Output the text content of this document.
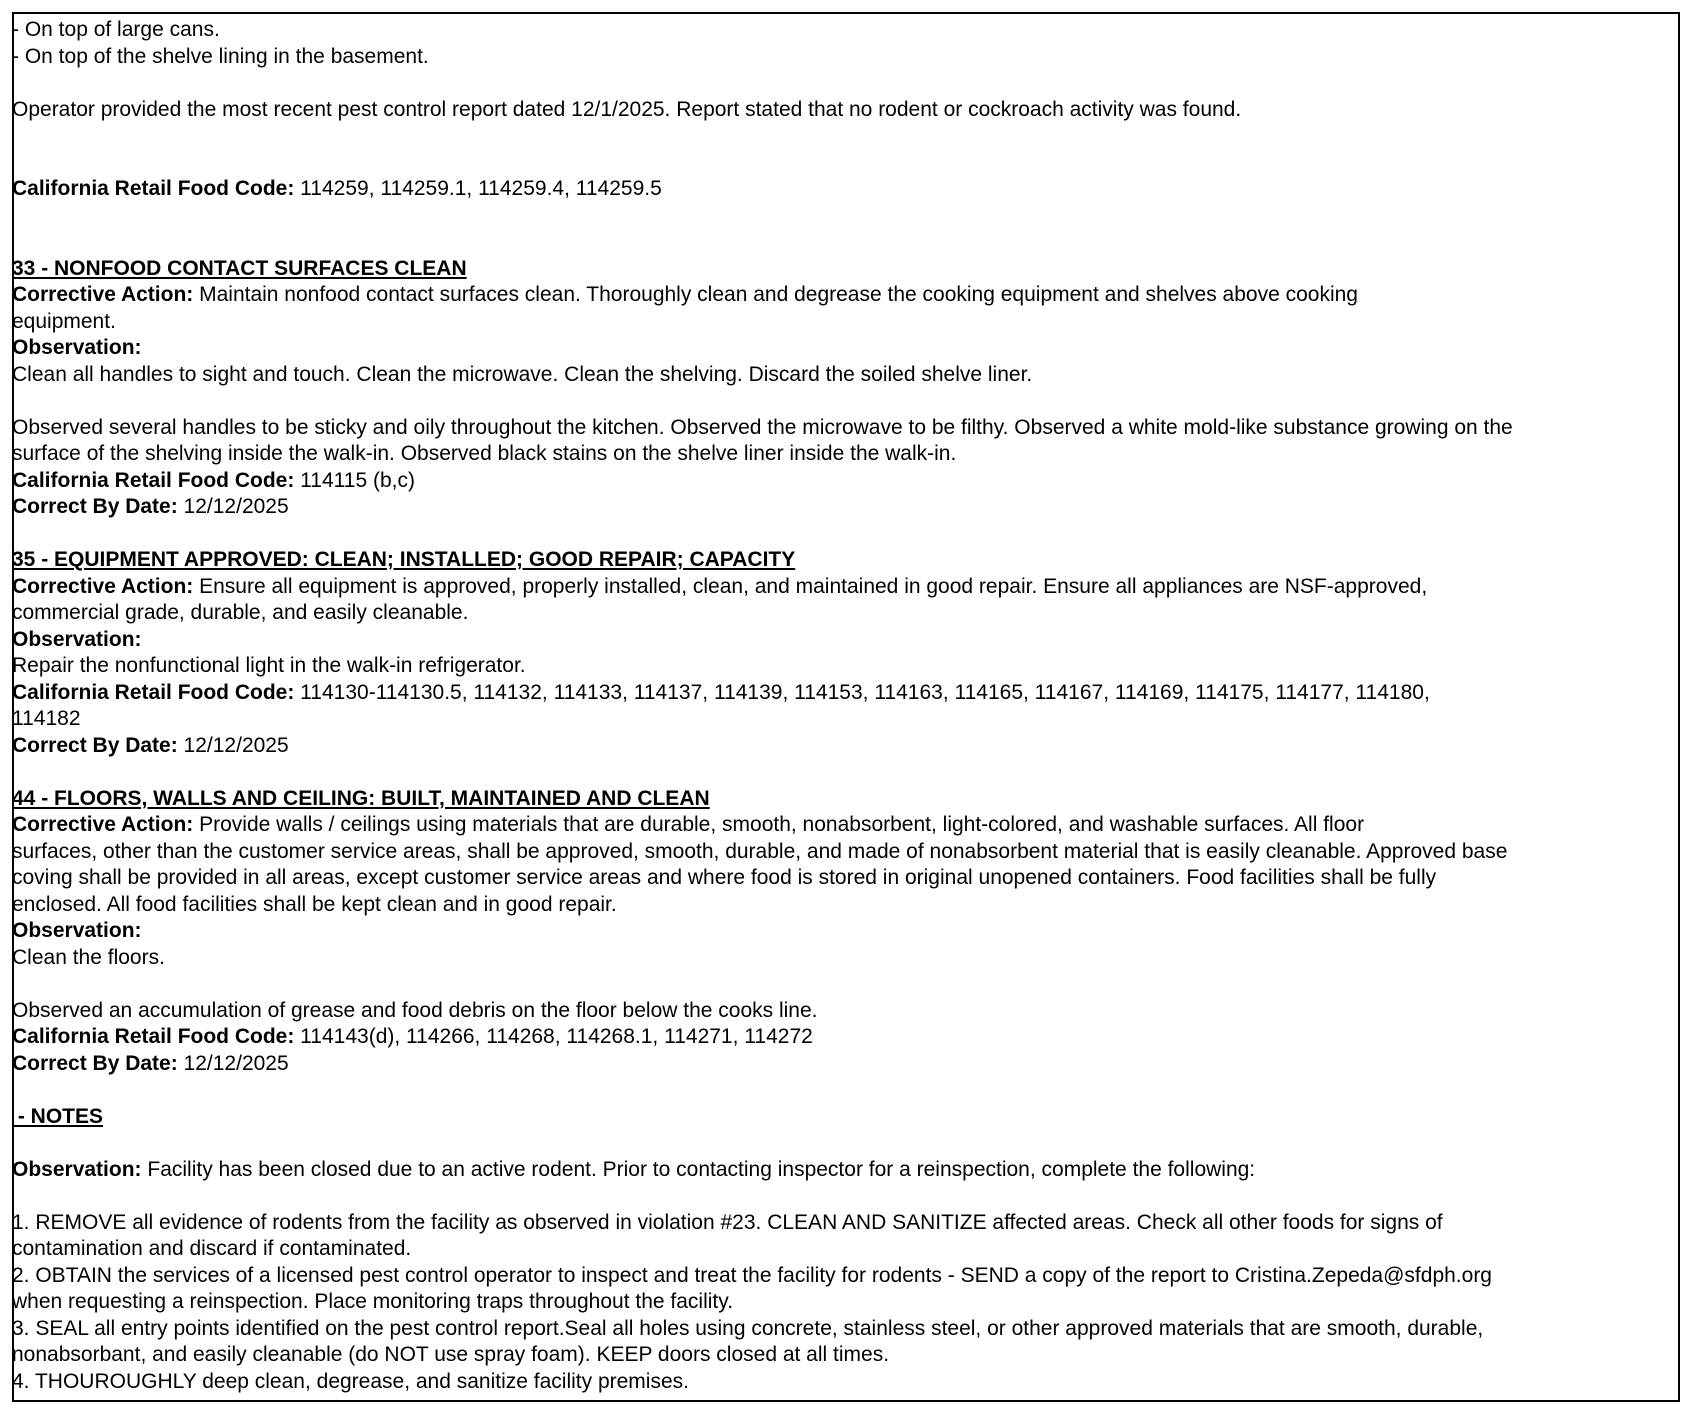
- On top of large cans.
- On top of the shelve lining in the basement.
Operator provided the most recent pest control report dated 12/1/2025. Report stated that no rodent or cockroach activity was found.
California Retail Food Code: 114259, 114259.1, 114259.4, 114259.5
33 - NONFOOD CONTACT SURFACES CLEAN
Corrective Action: Maintain nonfood contact surfaces clean. Thoroughly clean and degrease the cooking equipment and shelves above cooking
equipment.
Observation:
Clean all handles to sight and touch. Clean the microwave. Clean the shelving. Discard the soiled shelve liner.
Observed several handles to be sticky and oily throughout the kitchen. Observed the microwave to be filthy. Observed a white mold-like substance growing on the
surface of the shelving inside the walk-in. Observed black stains on the shelve liner inside the walk-in.
California Retail Food Code: 114115 (b,c)
Correct By Date: 12/12/2025
35 - EQUIPMENT APPROVED: CLEAN; INSTALLED; GOOD REPAIR; CAPACITY
Corrective Action: Ensure all equipment is approved, properly installed, clean, and maintained in good repair. Ensure all appliances are NSF-approved,
commercial grade, durable, and easily cleanable.
Observation:
Repair the nonfunctional light in the walk-in refrigerator.
California Retail Food Code: 114130-114130.5, 114132, 114133, 114137, 114139, 114153, 114163, 114165, 114167, 114169, 114175, 114177, 114180,
114182
Correct By Date: 12/12/2025
44 - FLOORS, WALLS AND CEILING: BUILT, MAINTAINED AND CLEAN
Corrective Action: Provide walls / ceilings using materials that are durable, smooth, nonabsorbent, light-colored, and washable surfaces. All floor
surfaces, other than the customer service areas, shall be approved, smooth, durable, and made of nonabsorbent material that is easily cleanable. Approved base
coving shall be provided in all areas, except customer service areas and where food is stored in original unopened containers. Food facilities shall be fully
enclosed. All food facilities shall be kept clean and in good repair.
Observation:
Clean the floors.
Observed an accumulation of grease and food debris on the floor below the cooks line.
California Retail Food Code: 114143(d), 114266, 114268, 114268.1, 114271, 114272
Correct By Date: 12/12/2025
- NOTES
Observation: Facility has been closed due to an active rodent. Prior to contacting inspector for a reinspection, complete the following:
1. REMOVE all evidence of rodents from the facility as observed in violation #23. CLEAN AND SANITIZE affected areas. Check all other foods for signs of
contamination and discard if contaminated.
2. OBTAIN the services of a licensed pest control operator to inspect and treat the facility for rodents - SEND a copy of the report to Cristina.Zepeda@sfdph.org
when requesting a reinspection. Place monitoring traps throughout the facility.
3. SEAL all entry points identified on the pest control report.Seal all holes using concrete, stainless steel, or other approved materials that are smooth, durable,
nonabsorbant, and easily cleanable (do NOT use spray foam). KEEP doors closed at all times.
4. THOUROUGHLY deep clean, degrease, and sanitize facility premises.
